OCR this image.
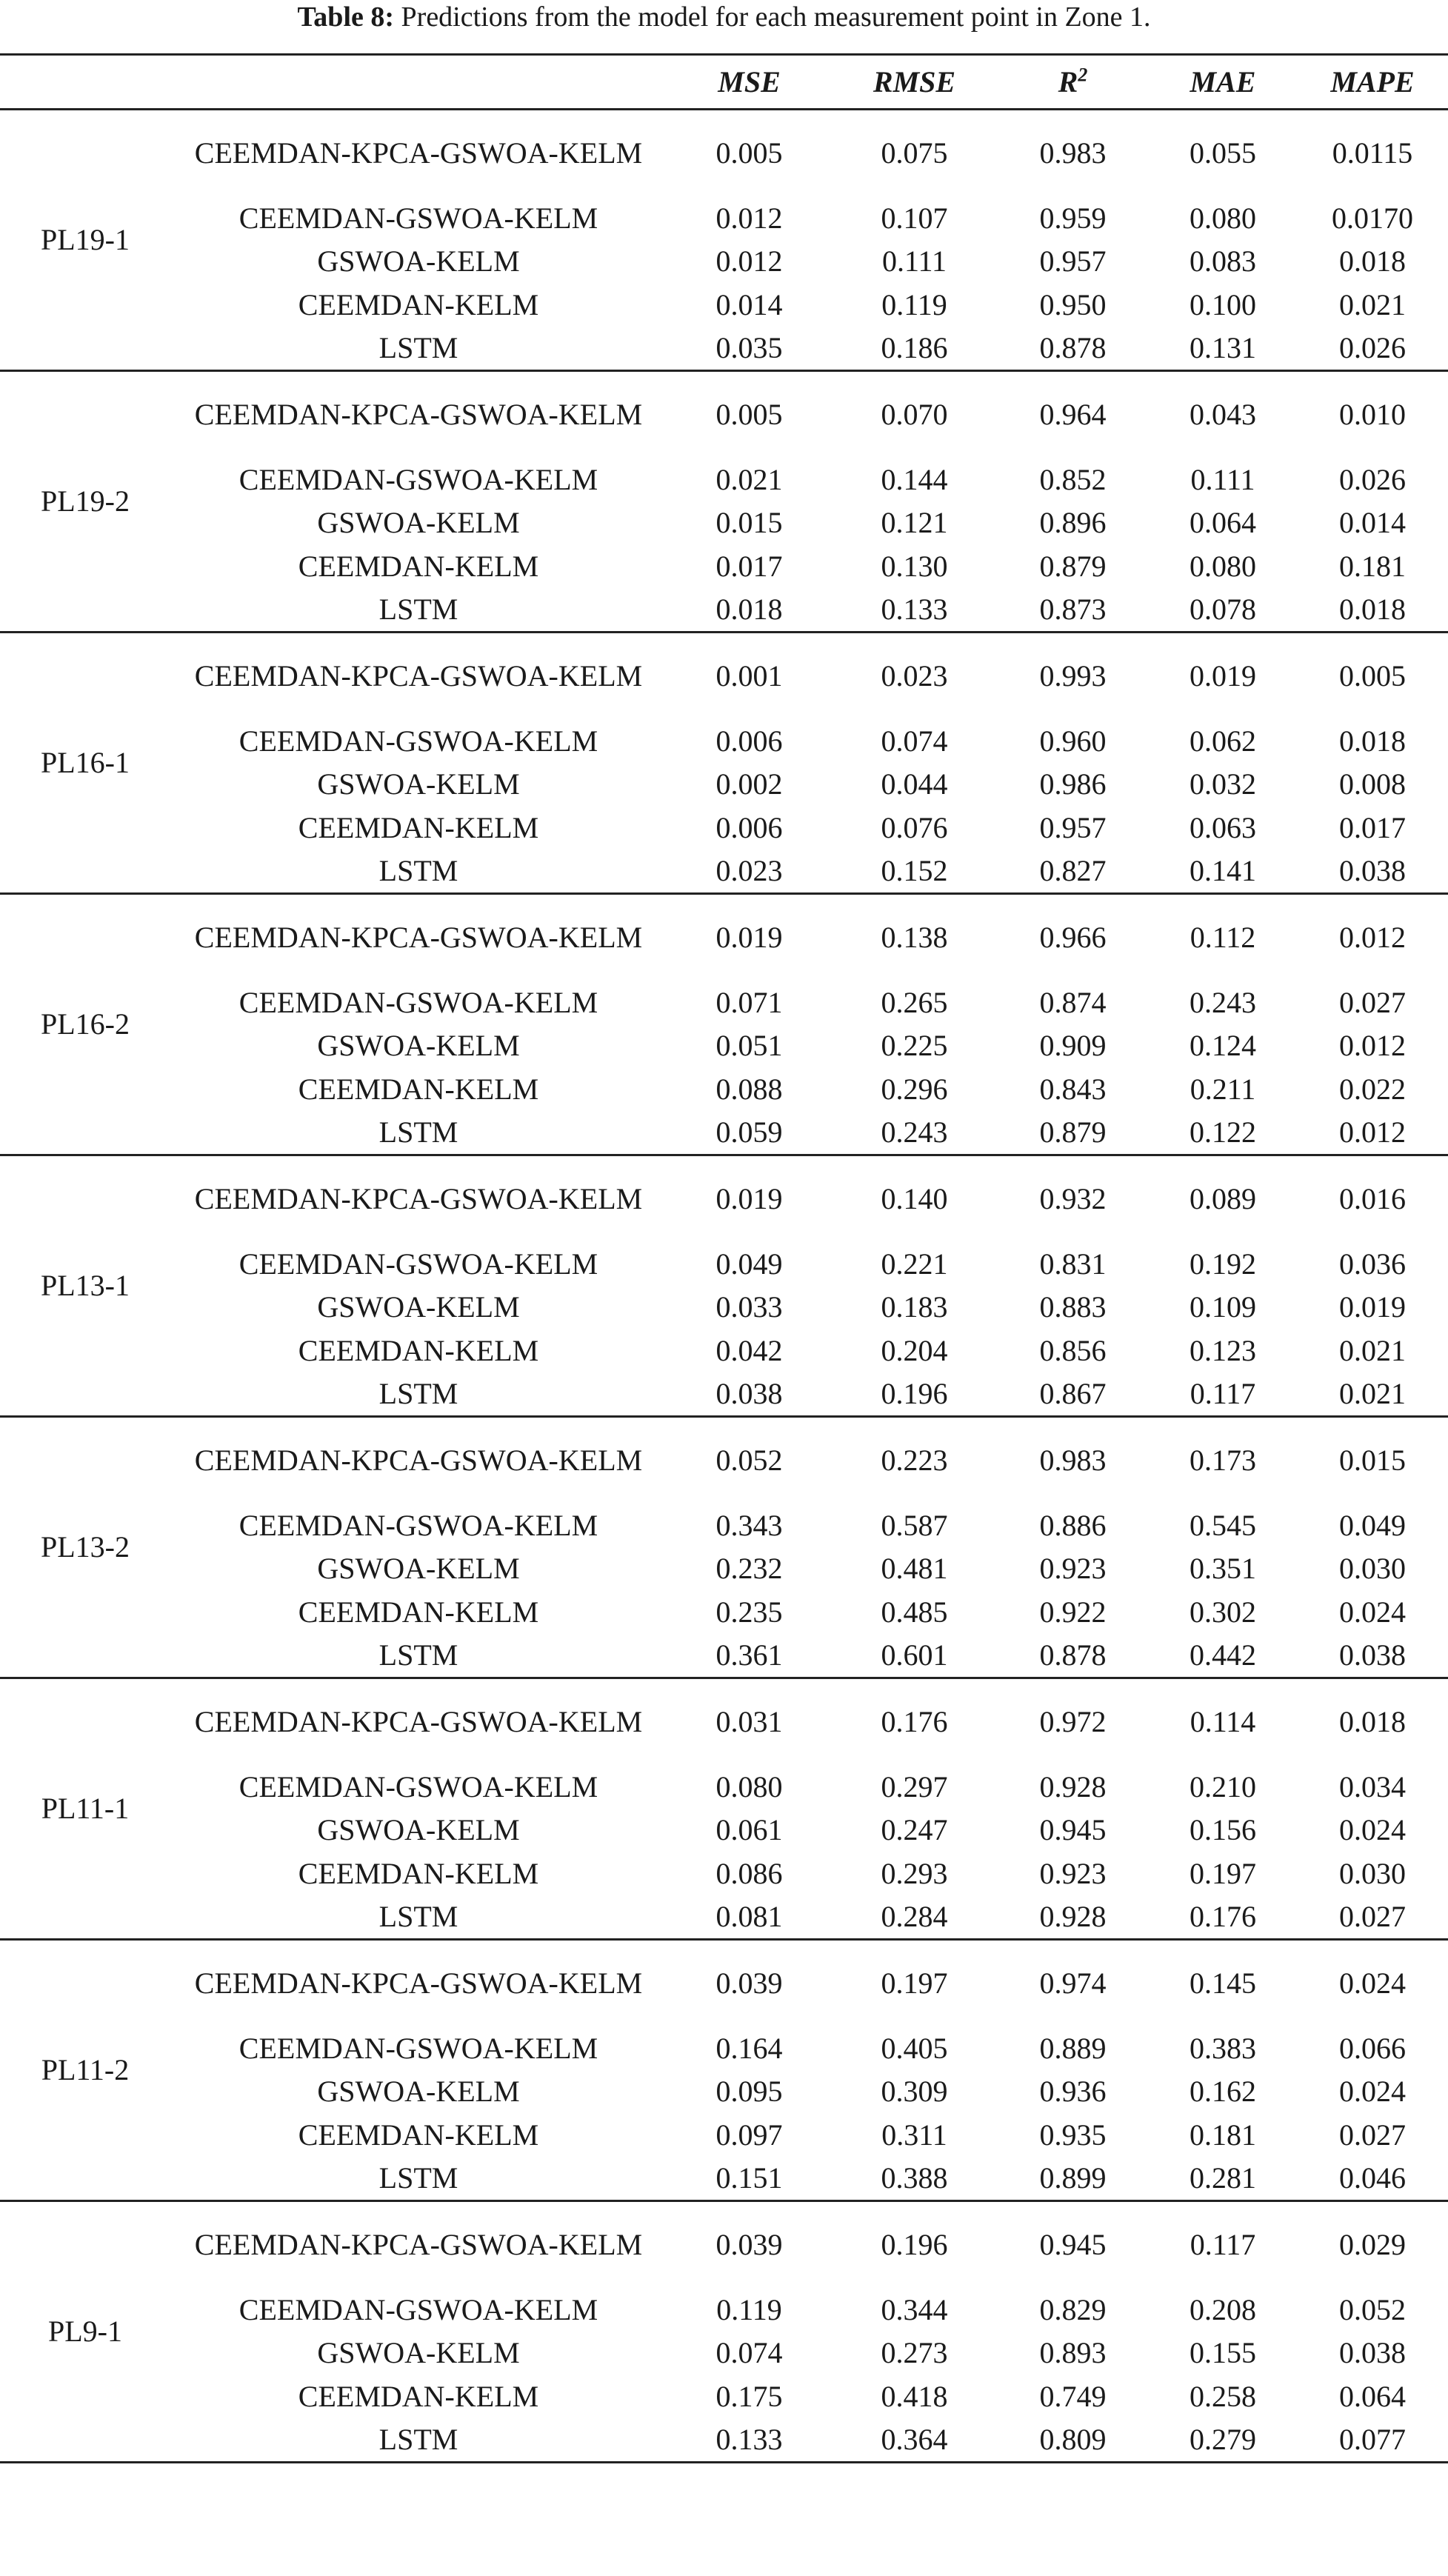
Table 8: Predictions from the model for each measurement point in Zone 1.
		MSE	RMSE	$R^2$	MAE	MAPE
PL19-1	CEEMDAN-KPCA-GSWOA-KELM	0.005	0.075	0.983	0.055	0.0115
	CEEMDAN-GSWOA-KELM	0.012	0.107	0.959	0.080	0.0170
	GSWOA-KELM	0.012	0.111	0.957	0.083	0.018
	CEEMDAN-KELM	0.014	0.119	0.950	0.100	0.021
	LSTM	0.035	0.186	0.878	0.131	0.026
PL19-2	CEEMDAN-KPCA-GSWOA-KELM	0.005	0.070	0.964	0.043	0.010
	CEEMDAN-GSWOA-KELM	0.021	0.144	0.852	0.111	0.026
	GSWOA-KELM	0.015	0.121	0.896	0.064	0.014
	CEEMDAN-KELM	0.017	0.130	0.879	0.080	0.181
	LSTM	0.018	0.133	0.873	0.078	0.018
PL16-1	CEEMDAN-KPCA-GSWOA-KELM	0.001	0.023	0.993	0.019	0.005
	CEEMDAN-GSWOA-KELM	0.006	0.074	0.960	0.062	0.018
	GSWOA-KELM	0.002	0.044	0.986	0.032	0.008
	CEEMDAN-KELM	0.006	0.076	0.957	0.063	0.017
	LSTM	0.023	0.152	0.827	0.141	0.038
PL16-2	CEEMDAN-KPCA-GSWOA-KELM	0.019	0.138	0.966	0.112	0.012
	CEEMDAN-GSWOA-KELM	0.071	0.265	0.874	0.243	0.027
	GSWOA-KELM	0.051	0.225	0.909	0.124	0.012
	CEEMDAN-KELM	0.088	0.296	0.843	0.211	0.022
	LSTM	0.059	0.243	0.879	0.122	0.012
PL13-1	CEEMDAN-KPCA-GSWOA-KELM	0.019	0.140	0.932	0.089	0.016
	CEEMDAN-GSWOA-KELM	0.049	0.221	0.831	0.192	0.036
	GSWOA-KELM	0.033	0.183	0.883	0.109	0.019
	CEEMDAN-KELM	0.042	0.204	0.856	0.123	0.021
	LSTM	0.038	0.196	0.867	0.117	0.021
PL13-2	CEEMDAN-KPCA-GSWOA-KELM	0.052	0.223	0.983	0.173	0.015
	CEEMDAN-GSWOA-KELM	0.343	0.587	0.886	0.545	0.049
	GSWOA-KELM	0.232	0.481	0.923	0.351	0.030
	CEEMDAN-KELM	0.235	0.485	0.922	0.302	0.024
	LSTM	0.361	0.601	0.878	0.442	0.038
PL11-1	CEEMDAN-KPCA-GSWOA-KELM	0.031	0.176	0.972	0.114	0.018
	CEEMDAN-GSWOA-KELM	0.080	0.297	0.928	0.210	0.034
	GSWOA-KELM	0.061	0.247	0.945	0.156	0.024
	CEEMDAN-KELM	0.086	0.293	0.923	0.197	0.030
	LSTM	0.081	0.284	0.928	0.176	0.027
PL11-2	CEEMDAN-KPCA-GSWOA-KELM	0.039	0.197	0.974	0.145	0.024
	CEEMDAN-GSWOA-KELM	0.164	0.405	0.889	0.383	0.066
	GSWOA-KELM	0.095	0.309	0.936	0.162	0.024
	CEEMDAN-KELM	0.097	0.311	0.935	0.181	0.027
	LSTM	0.151	0.388	0.899	0.281	0.046
PL9-1	CEEMDAN-KPCA-GSWOA-KELM	0.039	0.196	0.945	0.117	0.029
	CEEMDAN-GSWOA-KELM	0.119	0.344	0.829	0.208	0.052
	GSWOA-KELM	0.074	0.273	0.893	0.155	0.038
	CEEMDAN-KELM	0.175	0.418	0.749	0.258	0.064
	LSTM	0.133	0.364	0.809	0.279	0.077
